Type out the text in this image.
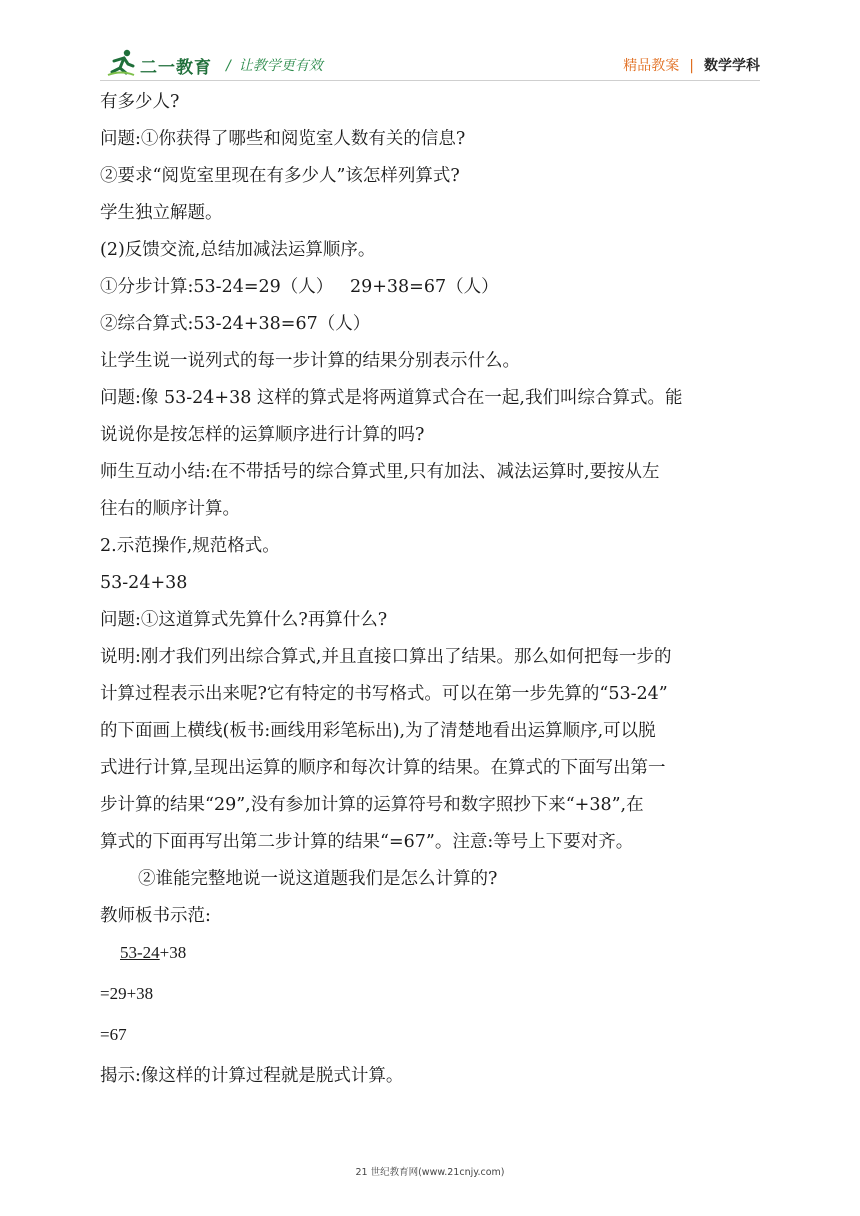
二一教育 / 让教学更有效	精品教案 | 数学学科
有多少人?
问题:①你获得了哪些和阅览室人数有关的信息?
②要求“阅览室里现在有多少人”该怎样列算式?
学生独立解题。
(2)反馈交流,总结加减法运算顺序。
①分步计算:53-24=29（人）   29+38=67（人）
②综合算式:53-24+38=67（人）
让学生说一说列式的每一步计算的结果分别表示什么。
问题:像 53-24+38 这样的算式是将两道算式合在一起,我们叫综合算式。能
说说你是按怎样的运算顺序进行计算的吗?
师生互动小结:在不带括号的综合算式里,只有加法、减法运算时,要按从左
往右的顺序计算。
2.示范操作,规范格式。
53-24+38
问题:①这道算式先算什么?再算什么?
说明:刚才我们列出综合算式,并且直接口算出了结果。那么如何把每一步的
计算过程表示出来呢?它有特定的书写格式。可以在第一步先算的“53-24”
的下面画上横线(板书:画线用彩笔标出),为了清楚地看出运算顺序,可以脱
式进行计算,呈现出运算的顺序和每次计算的结果。在算式的下面写出第一
步计算的结果“29”,没有参加计算的运算符号和数字照抄下来“+38”,在
算式的下面再写出第二步计算的结果“=67”。注意:等号上下要对齐。
②谁能完整地说一说这道题我们是怎么计算的?
教师板书示范:
53-24+38
=29+38
=67
揭示:像这样的计算过程就是脱式计算。
21 世纪教育网(www.21cnjy.com)
